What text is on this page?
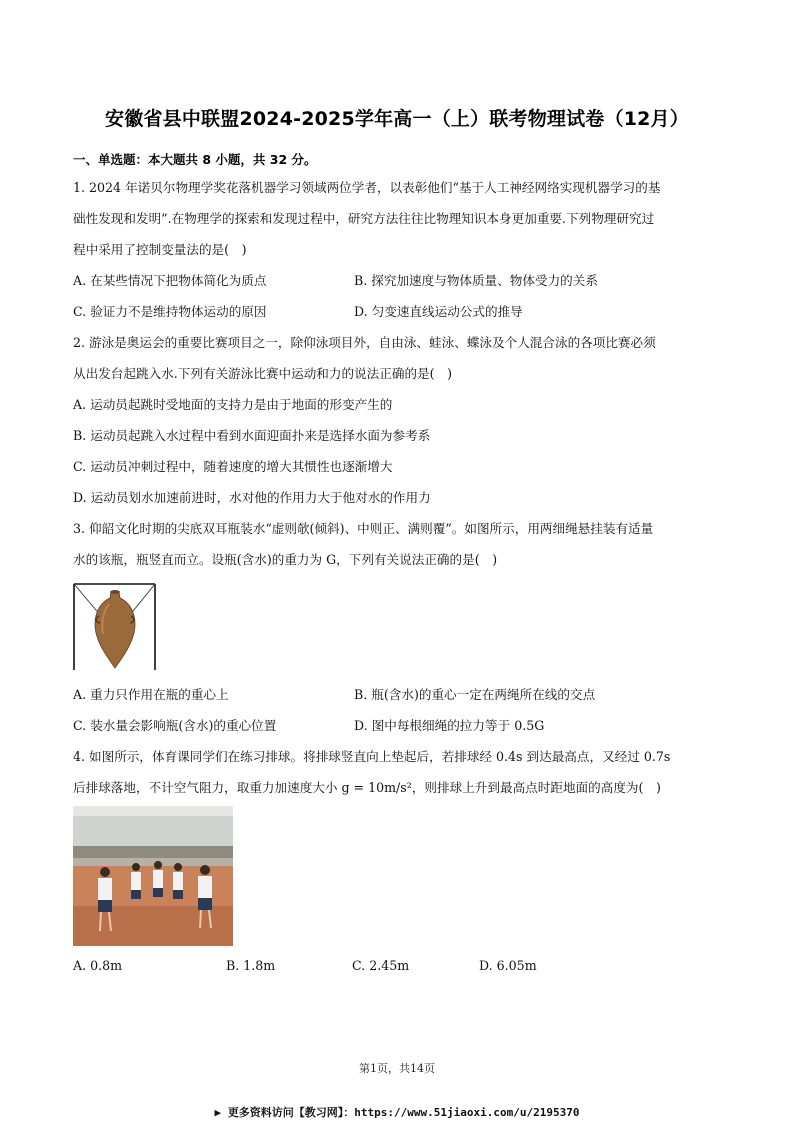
安徽省县中联盟2024-2025学年高一（上）联考物理试卷（12月）
一、单选题：本大题共 8 小题，共 32 分。
1. 2024 年诺贝尔物理学奖花落机器学习领域两位学者，以表彰他们“基于人工神经网络实现机器学习的基
础性发现和发明”.在物理学的探索和发现过程中，研究方法往往比物理知识本身更加重要.下列物理研究过
程中采用了控制变量法的是(　)
A. 在某些情况下把物体简化为质点	B. 探究加速度与物体质量、物体受力的关系
C. 验证力不是维持物体运动的原因	D. 匀变速直线运动公式的推导
2. 游泳是奥运会的重要比赛项目之一，除仰泳项目外，自由泳、蛙泳、蝶泳及个人混合泳的各项比赛必须
从出发台起跳入水.下列有关游泳比赛中运动和力的说法正确的是(　)
A. 运动员起跳时受地面的支持力是由于地面的形变产生的
B. 运动员起跳入水过程中看到水面迎面扑来是选择水面为参考系
C. 运动员冲刺过程中，随着速度的增大其惯性也逐渐增大
D. 运动员划水加速前进时，水对他的作用力大于他对水的作用力
3. 仰韶文化时期的尖底双耳瓶装水“虚则欹(倾斜)、中则正、满则覆”。如图所示，用两细绳悬挂装有适量
水的该瓶，瓶竖直而立。设瓶(含水)的重力为 G，下列有关说法正确的是(　)
A. 重力只作用在瓶的重心上	B. 瓶(含水)的重心一定在两绳所在线的交点
C. 装水量会影响瓶(含水)的重心位置	D. 图中每根细绳的拉力等于 0.5G
4. 如图所示，体育课同学们在练习排球。将排球竖直向上垫起后，若排球经 0.4s 到达最高点，又经过 0.7s
后排球落地，不计空气阻力，取重力加速度大小 g = 10m/s²，则排球上升到最高点时距地面的高度为(　)
A. 0.8m	B. 1.8m	C. 2.45m	D. 6.05m
第1页，共14页
▶ 更多资料访问【教习网】：https://www.51jiaoxi.com/u/2195370
